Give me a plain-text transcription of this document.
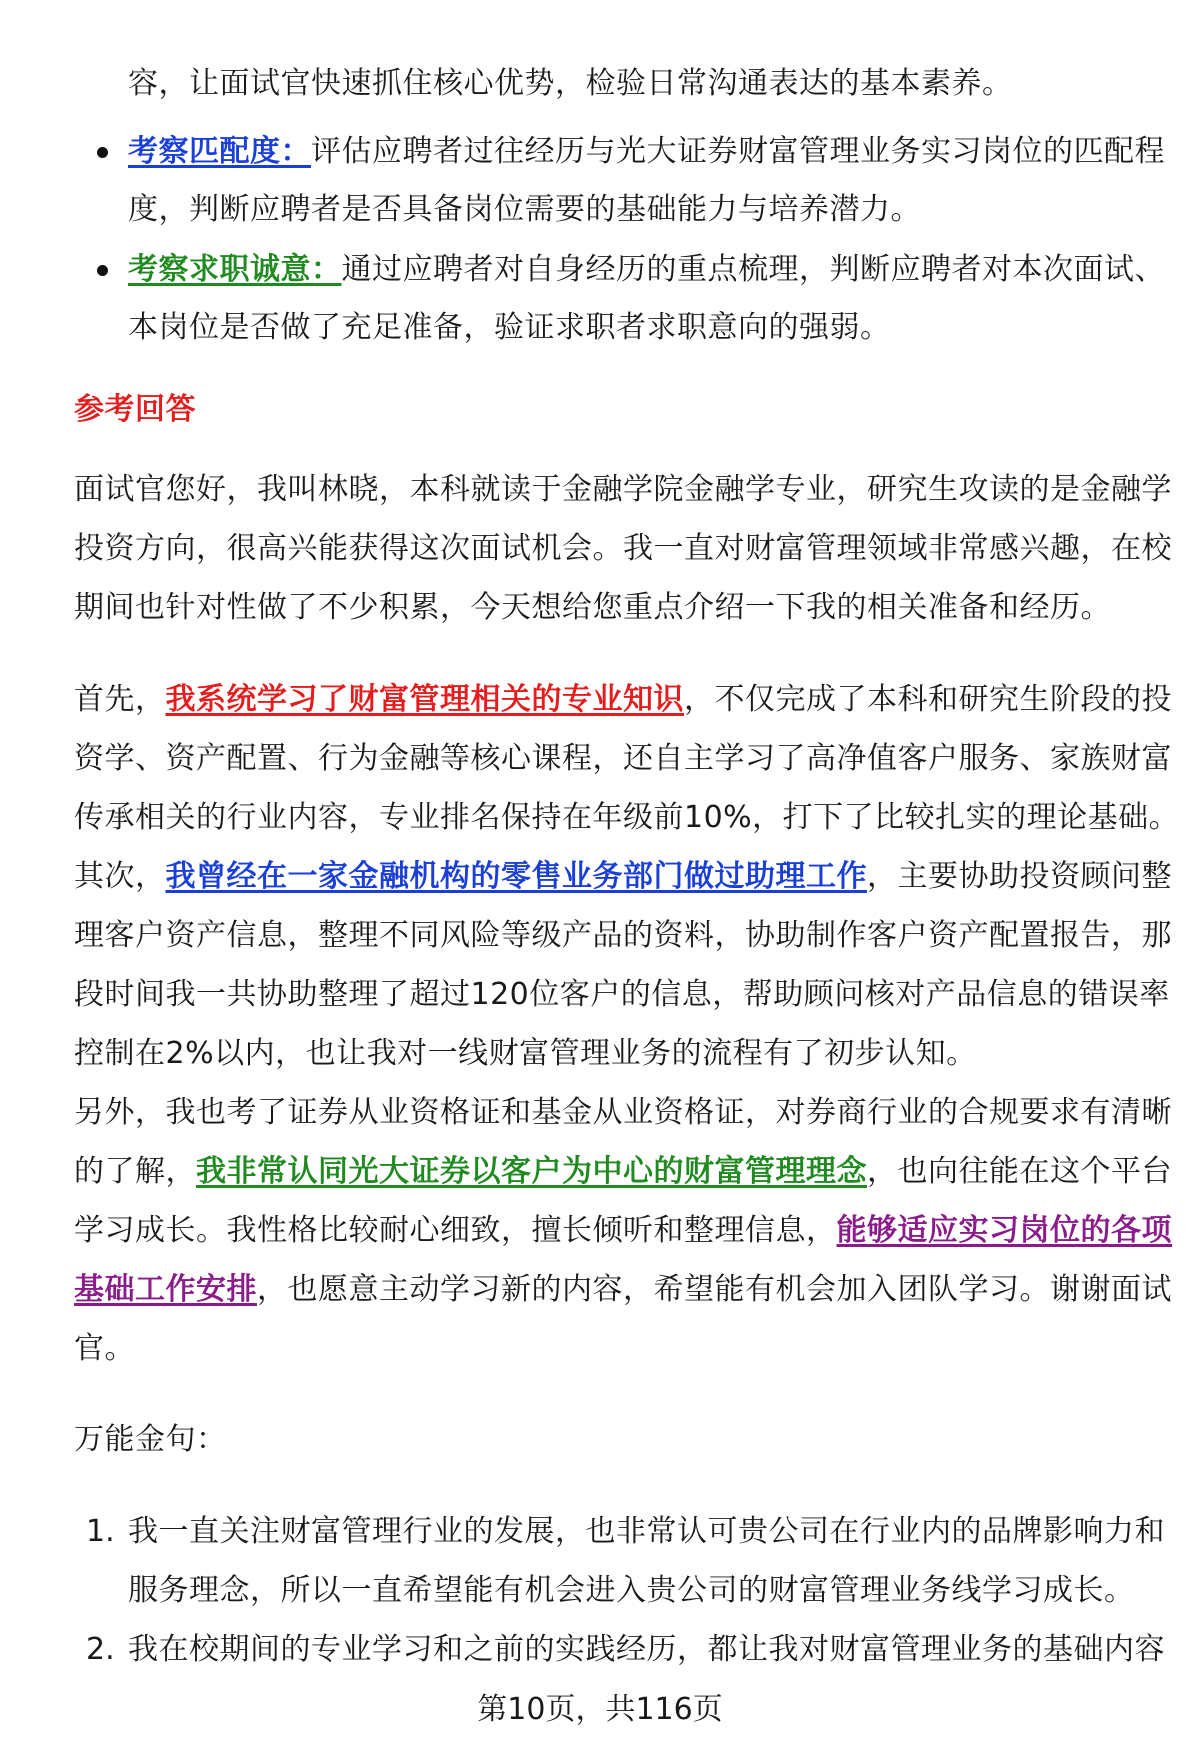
容，让面试官快速抓住核心优势，检验日常沟通表达的基本素养。
考察匹配度：评估应聘者过往经历与光大证券财富管理业务实习岗位的匹配程
度，判断应聘者是否具备岗位需要的基础能力与培养潜力。
考察求职诚意：通过应聘者对自身经历的重点梳理，判断应聘者对本次面试、
本岗位是否做了充足准备，验证求职者求职意向的强弱。
参考回答
面试官您好，我叫林晓，本科就读于金融学院金融学专业，研究生攻读的是金融学
投资方向，很高兴能获得这次面试机会。我一直对财富管理领域非常感兴趣，在校
期间也针对性做了不少积累，今天想给您重点介绍一下我的相关准备和经历。
首先，我系统学习了财富管理相关的专业知识，不仅完成了本科和研究生阶段的投
资学、资产配置、行为金融等核心课程，还自主学习了高净值客户服务、家族财富
传承相关的行业内容，专业排名保持在年级前10%，打下了比较扎实的理论基础。
其次，我曾经在一家金融机构的零售业务部门做过助理工作，主要协助投资顾问整
理客户资产信息，整理不同风险等级产品的资料，协助制作客户资产配置报告，那
段时间我一共协助整理了超过120位客户的信息，帮助顾问核对产品信息的错误率
控制在2%以内，也让我对一线财富管理业务的流程有了初步认知。
另外，我也考了证券从业资格证和基金从业资格证，对券商行业的合规要求有清晰
的了解，我非常认同光大证券以客户为中心的财富管理理念，也向往能在这个平台
学习成长。我性格比较耐心细致，擅长倾听和整理信息，能够适应实习岗位的各项
基础工作安排，也愿意主动学习新的内容，希望能有机会加入团队学习。谢谢面试
官。
万能金句：
1. 我一直关注财富管理行业的发展，也非常认可贵公司在行业内的品牌影响力和
服务理念，所以一直希望能有机会进入贵公司的财富管理业务线学习成长。
2. 我在校期间的专业学习和之前的实践经历，都让我对财富管理业务的基础内容
第10页，共116页
